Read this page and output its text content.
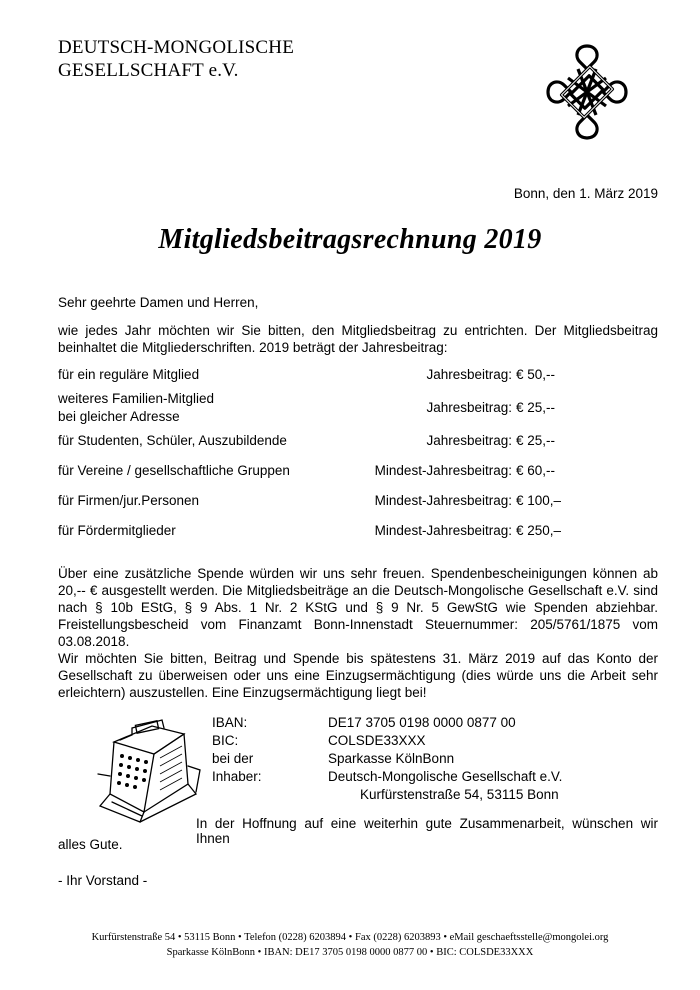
DEUTSCH-MONGOLISCHE
GESELLSCHAFT e.V.
Bonn, den 1. März 2019
Mitgliedsbeitragsrechnung 2019
Sehr geehrte Damen und Herren,
wie jedes Jahr möchten wir Sie bitten, den Mitgliedsbeitrag zu entrichten. Der Mitgliedsbeitrag beinhaltet die Mitgliederschriften. 2019 beträgt der Jahresbeitrag:
für ein reguläre Mitglied	Jahresbeitrag: € 50,--
weiteres Familien-Mitglied
bei gleicher Adresse
Jahresbeitrag: € 25,--
für Studenten, Schüler, Auszubildende	Jahresbeitrag: € 25,--
für Vereine / gesellschaftliche Gruppen	Mindest-Jahresbeitrag: € 60,--
für Firmen/jur.Personen	Mindest-Jahresbeitrag: € 100,–
für Fördermitglieder	Mindest-Jahresbeitrag: € 250,–
Über eine zusätzliche Spende würden wir uns sehr freuen. Spendenbescheinigungen können ab 20,-- € ausgestellt werden. Die Mitgliedsbeiträge an die Deutsch-Mongolische Gesellschaft e.V. sind nach § 10b EStG, § 9 Abs. 1 Nr. 2 KStG und § 9 Nr. 5 GewStG wie Spenden abziehbar. Freistellungsbescheid vom Finanzamt Bonn-Innenstadt Steuernummer: 205/5761/1875 vom 03.08.2018.
Wir möchten Sie bitten, Beitrag und Spende bis spätestens 31. März 2019 auf das Konto der Gesellschaft zu überweisen oder uns eine Einzugsermächtigung (dies würde uns die Arbeit sehr erleichtern) auszustellen. Eine Einzugsermächtigung liegt bei!
IBAN:	DE17 3705 0198 0000 0877 00
BIC:	COLSDE33XXX
bei der	Sparkasse KölnBonn
Inhaber:	Deutsch-Mongolische Gesellschaft e.V.
Kurfürstenstraße 54, 53115 Bonn
In der Hoffnung auf eine weiterhin gute Zusammenarbeit, wünschen wir Ihnen
alles Gute.
- Ihr Vorstand -
Kurfürstenstraße 54 • 53115 Bonn • Telefon (0228) 6203894 • Fax (0228) 6203893 • eMail geschaeftsstelle@mongolei.org
Sparkasse KölnBonn • IBAN: DE17 3705 0198 0000 0877 00 • BIC: COLSDE33XXX
